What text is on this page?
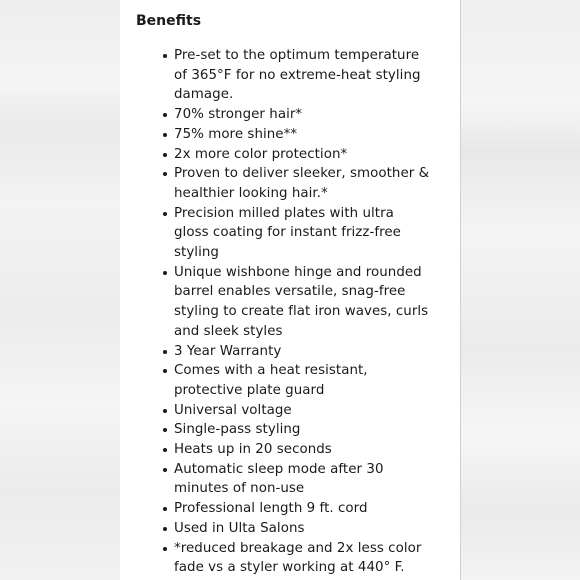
Benefits
Pre-set to the optimum temperature
of 365°F for no extreme-heat styling
damage.
70% stronger hair*
75% more shine**
2x more color protection*
Proven to deliver sleeker, smoother &
healthier looking hair.*
Precision milled plates with ultra
gloss coating for instant frizz-free
styling
Unique wishbone hinge and rounded
barrel enables versatile, snag-free
styling to create flat iron waves, curls
and sleek styles
3 Year Warranty
Comes with a heat resistant,
protective plate guard
Universal voltage
Single-pass styling
Heats up in 20 seconds
Automatic sleep mode after 30
minutes of non-use
Professional length 9 ft. cord
Used in Ulta Salons
*reduced breakage and 2x less color
fade vs a styler working at 440° F.
